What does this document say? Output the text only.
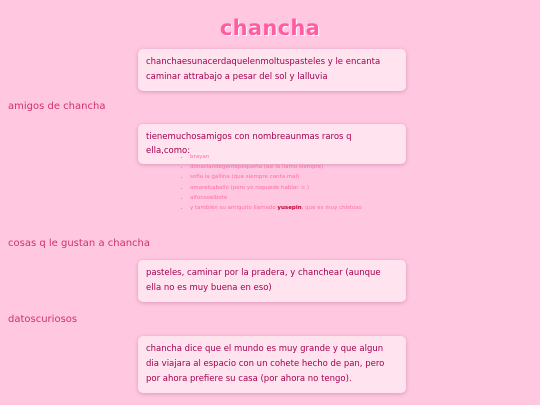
chancha
chanchaesunacerdaquelenmoltuspasteles y le encanta caminar attrabajo a pesar del sol y lalluvia
amigos de chancha
tienemuchosamigos con nombreaunmas raros q ella,como:
• brayan
• donaciandegentepequeña (asi lo llamo siempre)
• sofia la gallina (que siempre canta mal)
• omarelcaballo (pero yo nopuede hablar :c )
• alfonsoelbote
• y también su amiguito llamado yusepin, que es muy chistoso
cosas q le gustan a chancha
pasteles, caminar por la pradera, y chanchear (aunque ella no es muy buena en eso)
datoscuriosos
chancha dice que el mundo es muy grande y que algun dia viajara al espacio con un cohete hecho de pan, pero por ahora prefiere su casa (por ahora no tengo).
